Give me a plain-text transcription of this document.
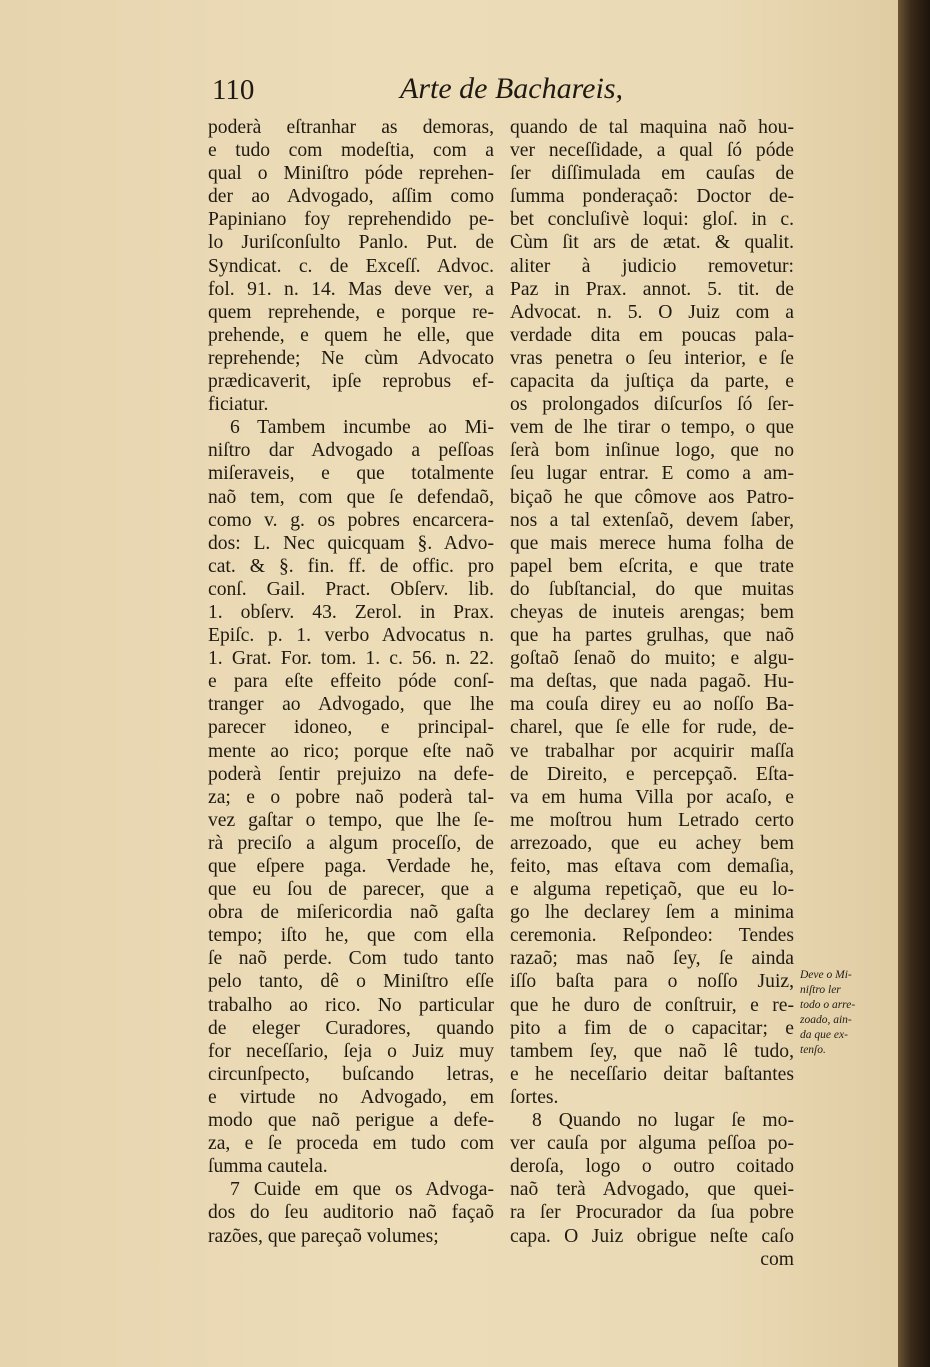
110	Arte de Bachareis,
poderà eſtranhar as demoras,
e tudo com modeſtia, com a
qual o Miniſtro póde reprehen-
der ao Advogado, aſſim como
Papiniano foy reprehendido pe-
lo Juriſconſulto Panlo. Put. de
Syndicat. c. de Exceſſ. Advoc.
fol. 91. n. 14. Mas deve ver, a
quem reprehende, e porque re-
prehende, e quem he elle, que
reprehende; Ne cùm Advocato
prædicaverit, ipſe reprobus ef-
ficiatur.
6 Tambem incumbe ao Mi-
niſtro dar Advogado a peſſoas
miſeraveis, e que totalmente
naõ tem, com que ſe defendaõ,
como v. g. os pobres encarcera-
dos: L. Nec quicquam §. Advo-
cat. & §. fin. ff. de offic. pro
conſ. Gail. Pract. Obſerv. lib.
1. obſerv. 43. Zerol. in Prax.
Epiſc. p. 1. verbo Advocatus n.
1. Grat. For. tom. 1. c. 56. n. 22.
e para eſte effeito póde conſ-
tranger ao Advogado, que lhe
parecer idoneo, e principal-
mente ao rico; porque eſte naõ
poderà ſentir prejuizo na defe-
za; e o pobre naõ poderà tal-
vez gaſtar o tempo, que lhe ſe-
rà preciſo a algum proceſſo, de
que eſpere paga. Verdade he,
que eu ſou de parecer, que a
obra de miſericordia naõ gaſta
tempo; iſto he, que com ella
ſe naõ perde. Com tudo tanto
pelo tanto, dê o Miniſtro eſſe
trabalho ao rico. No particular
de eleger Curadores, quando
for neceſſario, ſeja o Juiz muy
circunſpecto, buſcando letras,
e virtude no Advogado, em
modo que naõ perigue a defe-
za, e ſe proceda em tudo com
ſumma cautela.
7 Cuide em que os Advoga-
dos do ſeu auditorio naõ façaõ
razões, que pareçaõ volumes;
quando de tal maquina naõ hou-
ver neceſſidade, a qual ſó póde
ſer diſſimulada em cauſas de
ſumma ponderaçaõ: Doctor de-
bet concluſivè loqui: gloſ. in c.
Cùm ſit ars de ætat. & qualit.
aliter à judicio removetur:
Paz in Prax. annot. 5. tit. de
Advocat. n. 5. O Juiz com a
verdade dita em poucas pala-
vras penetra o ſeu interior, e ſe
capacita da juſtiça da parte, e
os prolongados diſcurſos ſó ſer-
vem de lhe tirar o tempo, o que
ſerà bom inſinue logo, que no
ſeu lugar entrar. E como a am-
biçaõ he que cômove aos Patro-
nos a tal extenſaõ, devem ſaber,
que mais merece huma folha de
papel bem eſcrita, e que trate
do ſubſtancial, do que muitas
cheyas de inuteis arengas; bem
que ha partes grulhas, que naõ
goſtaõ ſenaõ do muito; e algu-
ma deſtas, que nada pagaõ. Hu-
ma couſa direy eu ao noſſo Ba-
charel, que ſe elle for rude, de-
ve trabalhar por acquirir maſſa
de Direito, e percepçaõ. Eſta-
va em huma Villa por acaſo, e
me moſtrou hum Letrado certo
arrezoado, que eu achey bem
feito, mas eſtava com demaſia,
e alguma repetiçaõ, que eu lo-
go lhe declarey ſem a minima
ceremonia. Reſpondeo: Tendes
razaõ; mas naõ ſey, ſe ainda
iſſo baſta para o noſſo Juiz,
que he duro de conſtruir, e re-
pito a fim de o capacitar; e
tambem ſey, que naõ lê tudo,
e he neceſſario deitar baſtantes
ſortes.
8 Quando no lugar ſe mo-
ver cauſa por alguma peſſoa po-
deroſa, logo o outro coitado
naõ terà Advogado, que quei-
ra ſer Procurador da ſua pobre
capa. O Juiz obrigue neſte caſo
com
Deve o Mi-
niſtro ler
todo o arre-
zoado, ain-
da que ex-
tenſo.
